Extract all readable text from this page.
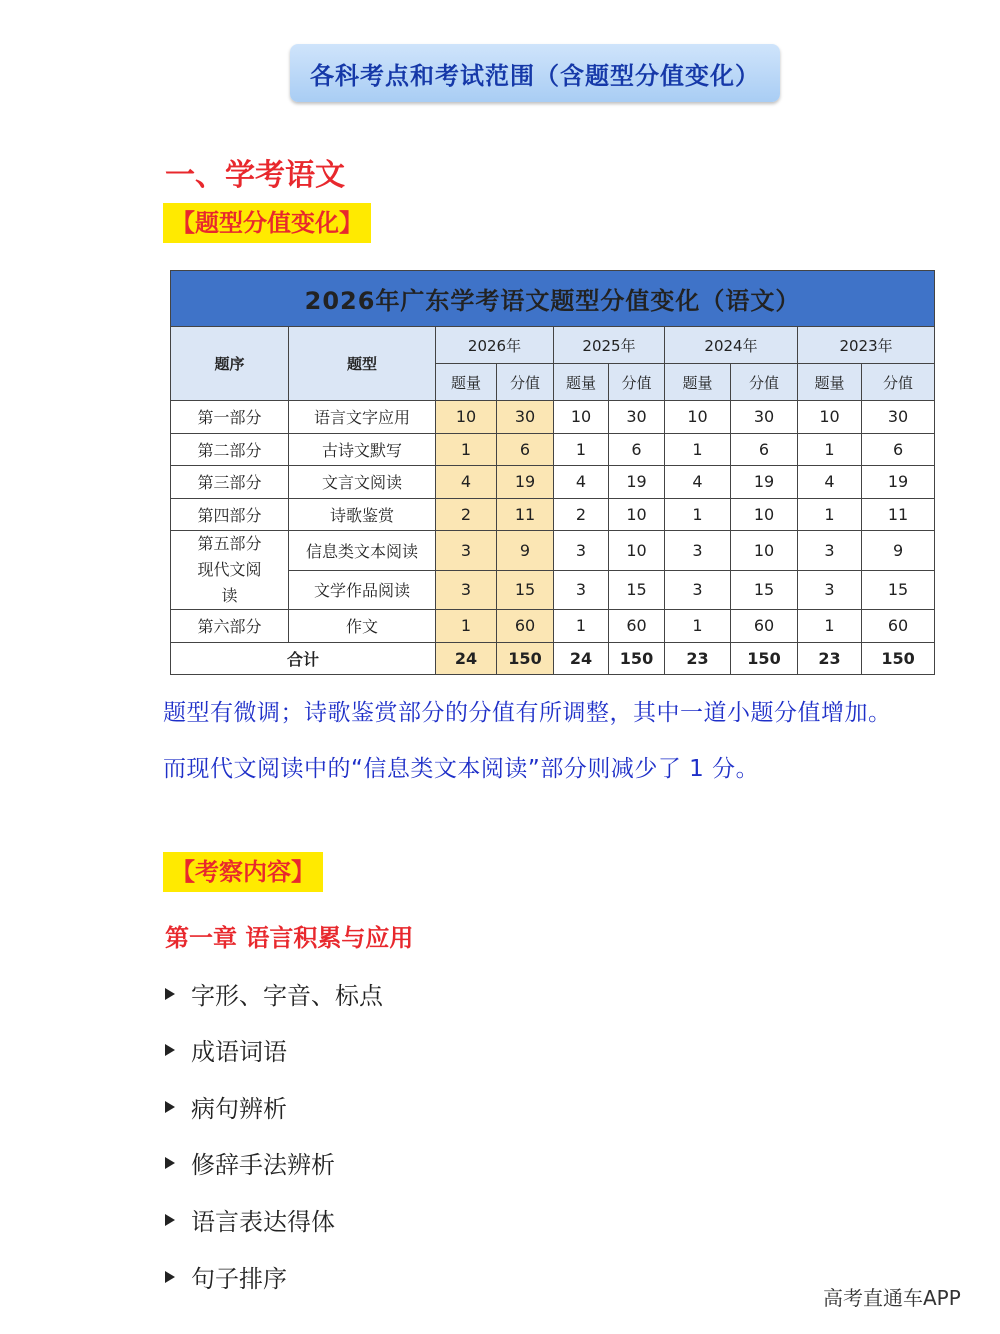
各科考点和考试范围（含题型分值变化）
一、学考语文
【题型分值变化】
2026年广东学考语文题型分值变化（语文）									
题序	题型	2026年		2025年		2024年		2023年	
		题量	分值	题量	分值	题量	分值	题量	分值
第一部分	语言文字应用	10	30	10	30	10	30	10	30
第二部分	古诗文默写	1	6	1	6	1	6	1	6
第三部分	文言文阅读	4	19	4	19	4	19	4	19
第四部分	诗歌鉴赏	2	11	2	10	1	10	1	11

第五部分现代文阅读	信息类文本阅读	3	9	3	10	3	10	3	9
	文学作品阅读	3	15	3	15	3	15	3	15
第六部分	作文	1	60	1	60	1	60	1	60
合计		24	150	24	150	23	150	23	150
题型有微调；诗歌鉴赏部分的分值有所调整，其中一道小题分值增加。
而现代文阅读中的“信息类文本阅读”部分则减少了 1 分。
【考察内容】
第一章 语言积累与应用
字形、字音、标点
成语词语
病句辨析
修辞手法辨析
语言表达得体
句子排序
高考直通车APP
